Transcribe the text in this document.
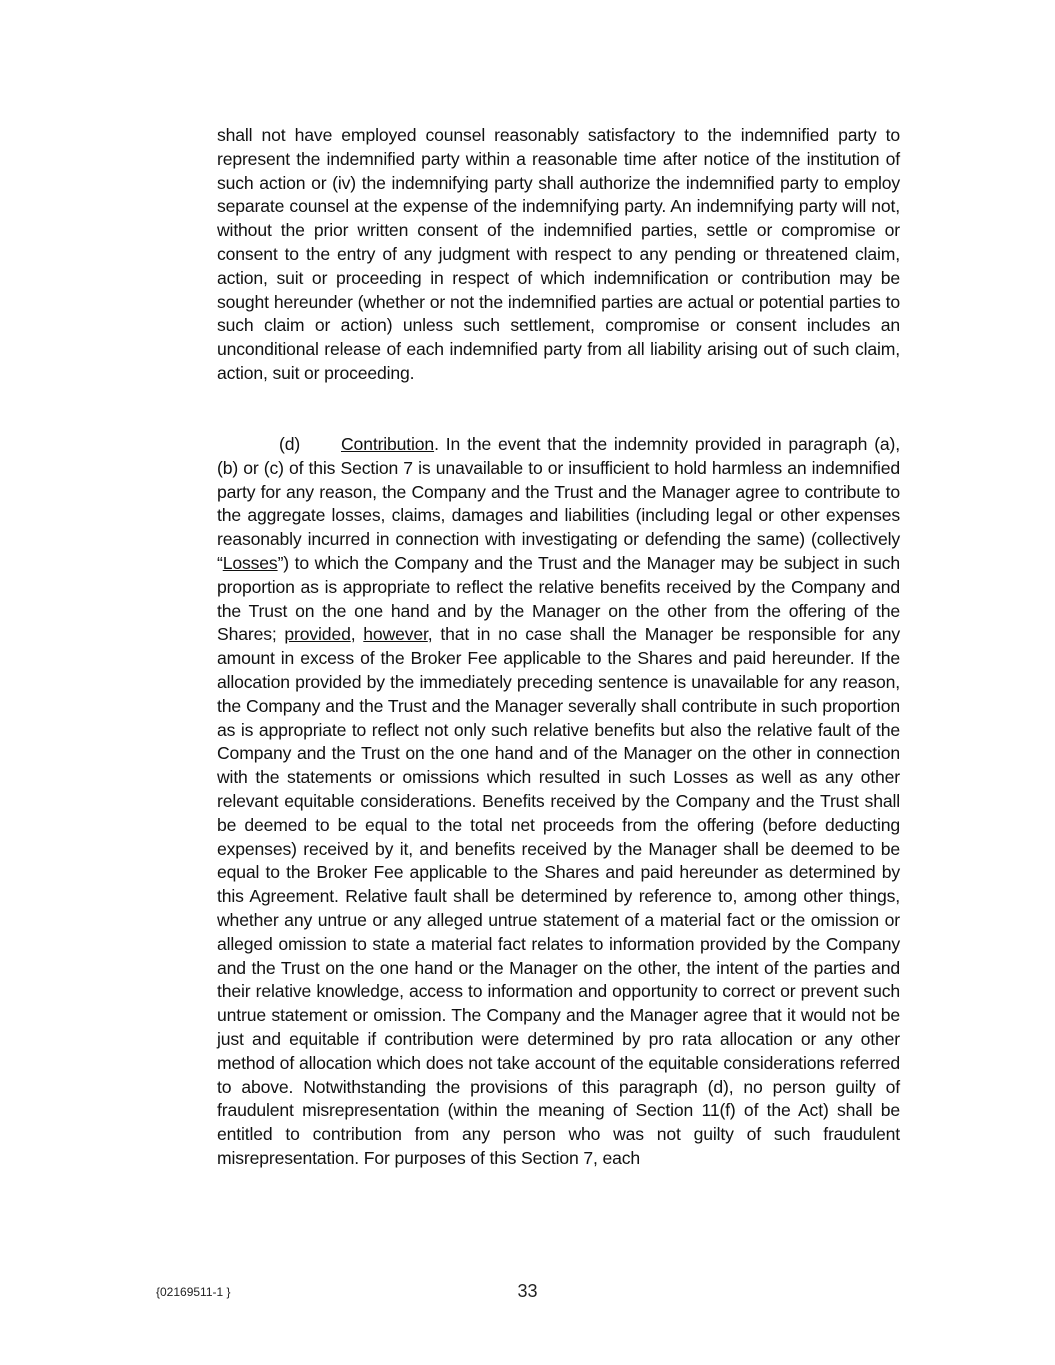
shall not have employed counsel reasonably satisfactory to the indemnified party to represent the indemnified party within a reasonable time after notice of the institution of such action or (iv) the indemnifying party shall authorize the indemnified party to employ separate counsel at the expense of the indemnifying party. An indemnifying party will not, without the prior written consent of the indemnified parties, settle or compromise or consent to the entry of any judgment with respect to any pending or threatened claim, action, suit or proceeding in respect of which indemnification or contribution may be sought hereunder (whether or not the indemnified parties are actual or potential parties to such claim or action) unless such settlement, compromise or consent includes an unconditional release of each indemnified party from all liability arising out of such claim, action, suit or proceeding.
(d) Contribution. In the event that the indemnity provided in paragraph (a), (b) or (c) of this Section 7 is unavailable to or insufficient to hold harmless an indemnified party for any reason, the Company and the Trust and the Manager agree to contribute to the aggregate losses, claims, damages and liabilities (including legal or other expenses reasonably incurred in connection with investigating or defending the same) (collectively “Losses”) to which the Company and the Trust and the Manager may be subject in such proportion as is appropriate to reflect the relative benefits received by the Company and the Trust on the one hand and by the Manager on the other from the offering of the Shares; provided, however, that in no case shall the Manager be responsible for any amount in excess of the Broker Fee applicable to the Shares and paid hereunder. If the allocation provided by the immediately preceding sentence is unavailable for any reason, the Company and the Trust and the Manager severally shall contribute in such proportion as is appropriate to reflect not only such relative benefits but also the relative fault of the Company and the Trust on the one hand and of the Manager on the other in connection with the statements or omissions which resulted in such Losses as well as any other relevant equitable considerations. Benefits received by the Company and the Trust shall be deemed to be equal to the total net proceeds from the offering (before deducting expenses) received by it, and benefits received by the Manager shall be deemed to be equal to the Broker Fee applicable to the Shares and paid hereunder as determined by this Agreement. Relative fault shall be determined by reference to, among other things, whether any untrue or any alleged untrue statement of a material fact or the omission or alleged omission to state a material fact relates to information provided by the Company and the Trust on the one hand or the Manager on the other, the intent of the parties and their relative knowledge, access to information and opportunity to correct or prevent such untrue statement or omission. The Company and the Manager agree that it would not be just and equitable if contribution were determined by pro rata allocation or any other method of allocation which does not take account of the equitable considerations referred to above. Notwithstanding the provisions of this paragraph (d), no person guilty of fraudulent misrepresentation (within the meaning of Section 11(f) of the Act) shall be entitled to contribution from any person who was not guilty of such fraudulent misrepresentation. For purposes of this Section 7, each
{02169511-1 }	33
